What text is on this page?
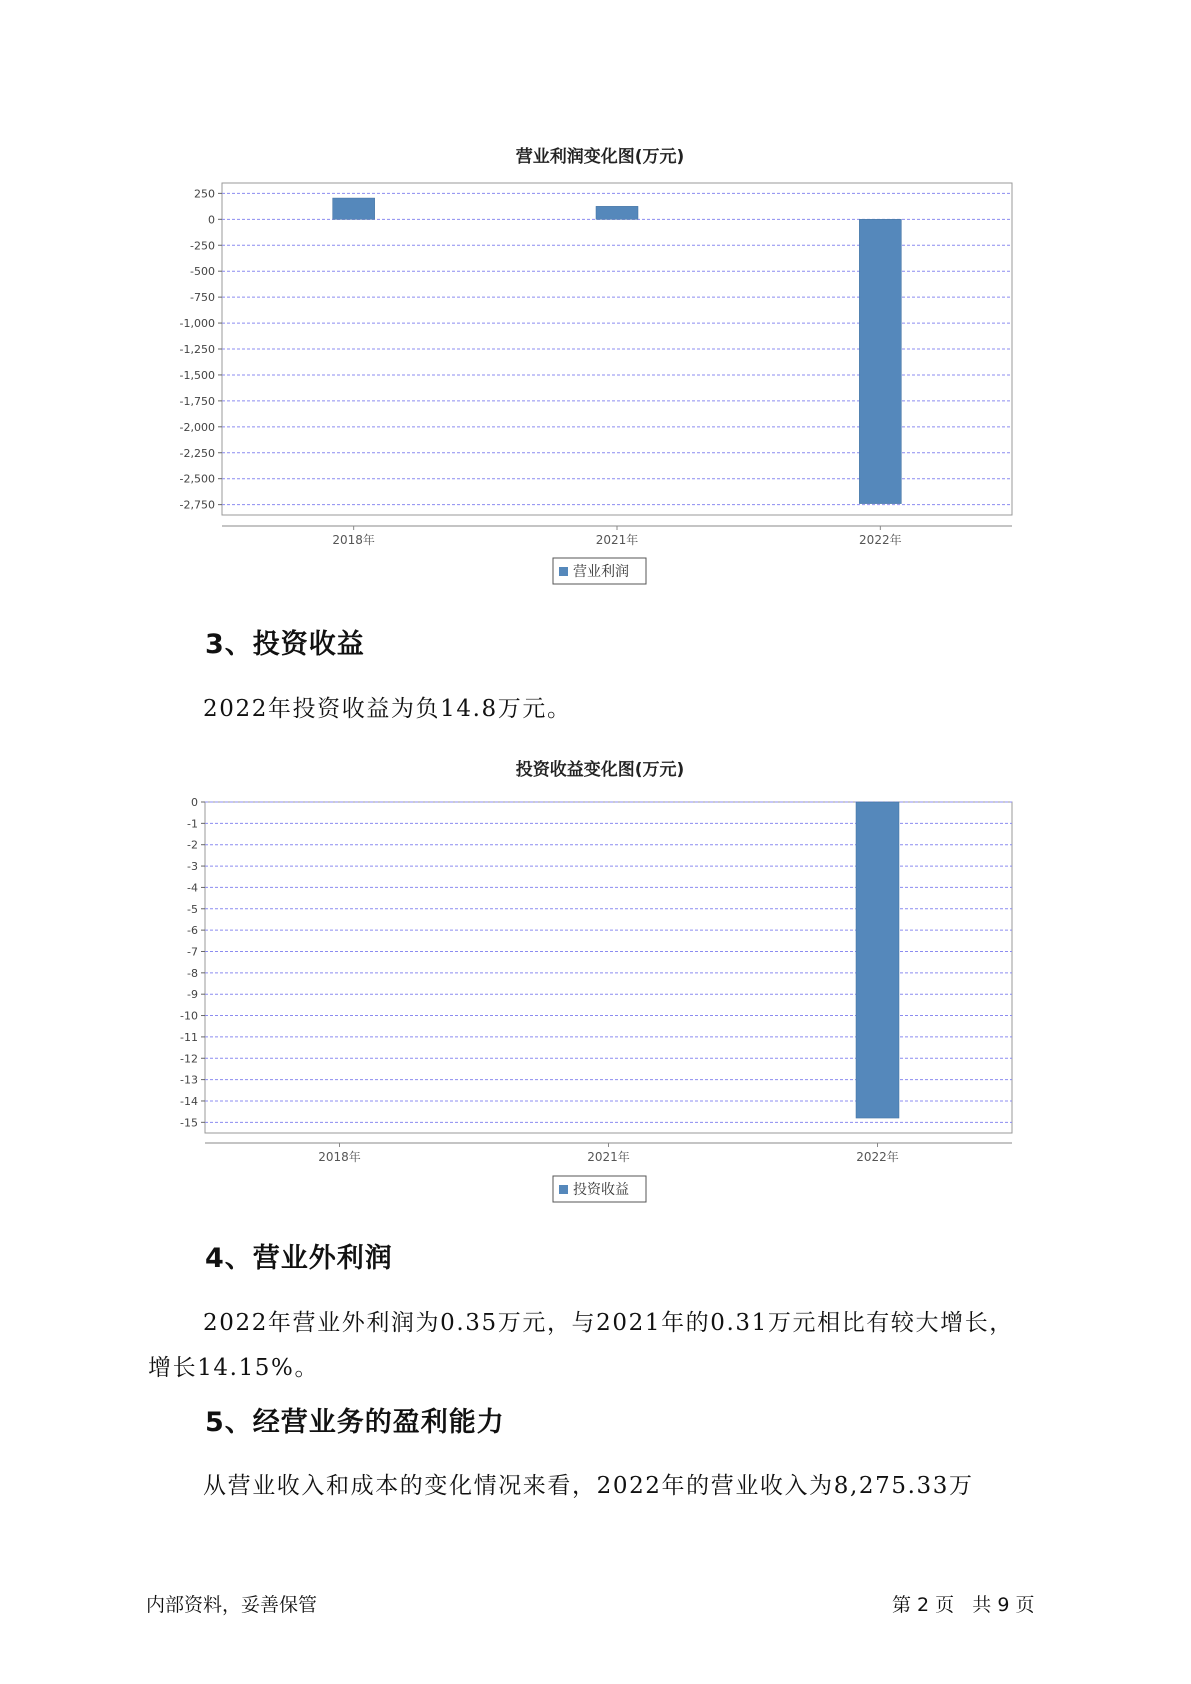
营业利润变化图(万元)
250
0
-250
-500
-750
-1,000
-1,250
-1,500
-1,750
-2,000
-2,250
-2,500
-2,750
2018年	2021年	2022年
营业利润
3、投资收益
2022年投资收益为负14.8万元。
投资收益变化图(万元)
0
-1
-2
-3
-4
-5
-6
-7
-8
-9
-10
-11
-12
-13
-14
-15
2018年	2021年	2022年
投资收益
4、营业外利润
2022年营业外利润为0.35万元，与2021年的0.31万元相比有较大增长，
增长14.15%。
5、经营业务的盈利能力
从营业收入和成本的变化情况来看，2022年的营业收入为8,275.33万
内部资料，妥善保管	第 2 页   共 9 页
